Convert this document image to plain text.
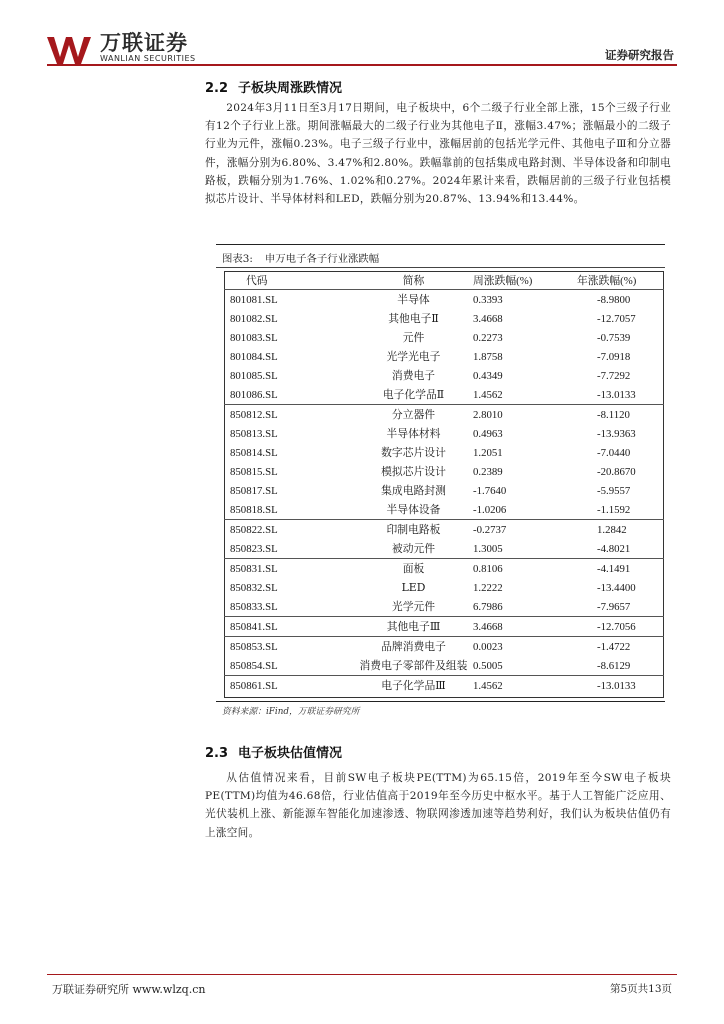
万联证券
WANLIAN SECURITIES	证券研究报告
2.2 子板块周涨跌情况

2024年3月11日至3月17日期间，电子板块中，6个二级子行业全部上涨，15个三级子行业有12个子行业上涨。期间涨幅最大的二级子行业为其他电子Ⅱ，涨幅3.47%；涨幅最小的二级子行业为元件，涨幅0.23%。电子三级子行业中，涨幅居前的包括光学元件、其他电子Ⅲ和分立器件，涨幅分别为6.80%、3.47%和2.80%。跌幅靠前的包括集成电路封测、半导体设备和印制电路板，跌幅分别为1.76%、1.02%和0.27%。2024年累计来看，跌幅居前的三级子行业包括模拟芯片设计、半导体材料和LED，跌幅分别为20.87%、13.94%和13.44%。

图表3: 申万电子各子行业涨跌幅
代码	简称	周涨跌幅(%)	年涨跌幅(%)
801081.SL	半导体	0.3393	-8.9800
801082.SL	其他电子Ⅱ	3.4668	-12.7057
801083.SL	元件	0.2273	-0.7539
801084.SL	光学光电子	1.8758	-7.0918
801085.SL	消费电子	0.4349	-7.7292
801086.SL	电子化学品Ⅱ	1.4562	-13.0133
850812.SL	分立器件	2.8010	-8.1120
850813.SL	半导体材料	0.4963	-13.9363
850814.SL	数字芯片设计	1.2051	-7.0440
850815.SL	模拟芯片设计	0.2389	-20.8670
850817.SL	集成电路封测	-1.7640	-5.9557
850818.SL	半导体设备	-1.0206	-1.1592
850822.SL	印制电路板	-0.2737	1.2842
850823.SL	被动元件	1.3005	-4.8021
850831.SL	面板	0.8106	-4.1491
850832.SL	LED	1.2222	-13.4400
850833.SL	光学元件	6.7986	-7.9657
850841.SL	其他电子Ⅲ	3.4668	-12.7056
850853.SL	品牌消费电子	0.0023	-1.4722
850854.SL	消费电子零部件及组装	0.5005	-8.6129
850861.SL	电子化学品Ⅲ	1.4562	-13.0133
资料来源：iFind，万联证券研究所
2.3 电子板块估值情况

从估值情况来看，目前SW电子板块PE(TTM)为65.15倍，2019年至今SW电子板块PE(TTM)均值为46.68倍，行业估值高于2019年至今历史中枢水平。基于人工智能广泛应用、光伏装机上涨、新能源车智能化加速渗透、物联网渗透加速等趋势利好，我们认为板块估值仍有上涨空间。

万联证券研究所 www.wlzq.cn	第5页共13页
